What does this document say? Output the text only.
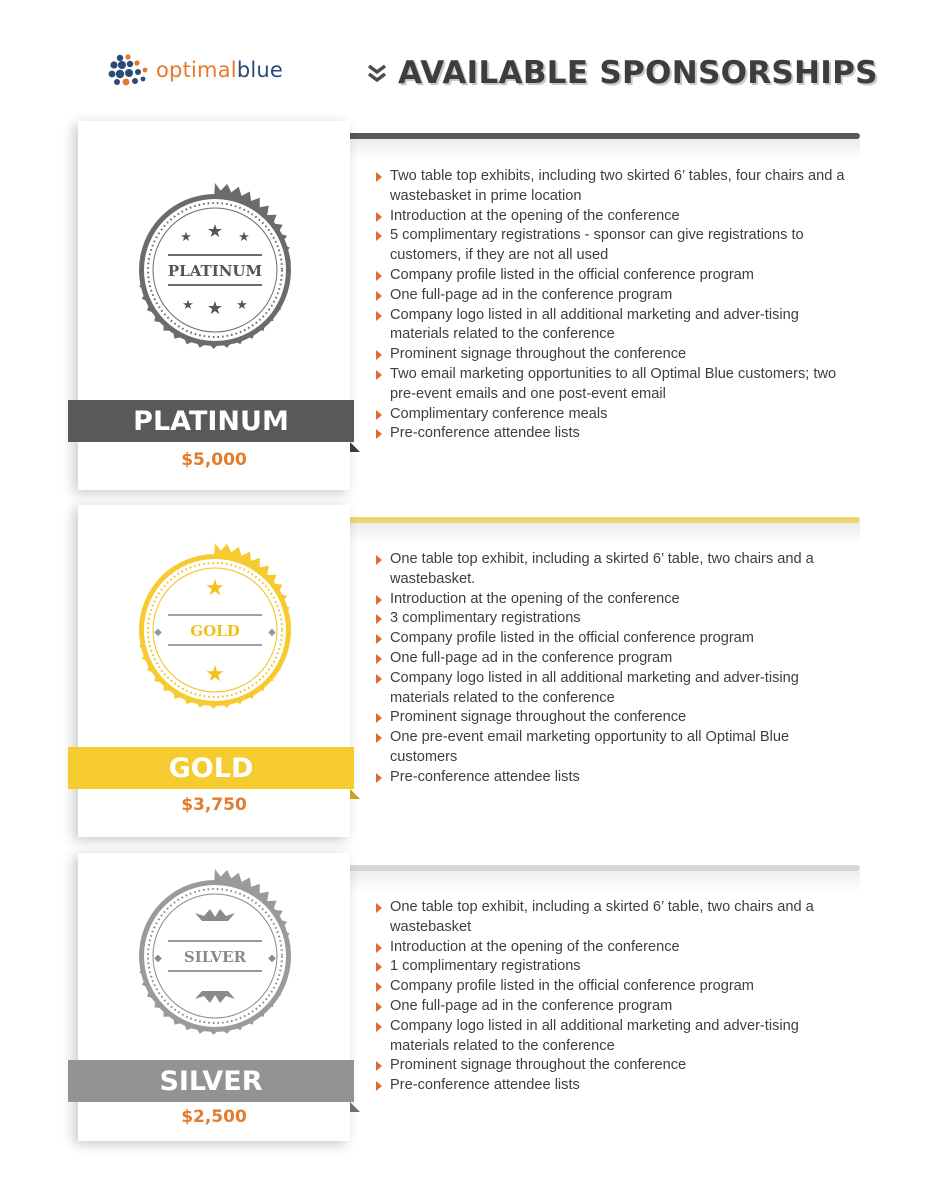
optimalblue	AVAILABLE SPONSORSHIPS
★ ★ ★
PLATINUM
★ ★ ★
PLATINUM
$5,000
Two table top exhibits, including two skirted 6’ tables, four chairs and a wastebasket in prime location
Introduction at the opening of the conference
5 complimentary registrations - sponsor can give registrations to customers, if they are not all used
Company profile listed in the official conference program
One full-page ad in the conference program
Company logo listed in all additional marketing and adver-tising materials related to the conference
Prominent signage throughout the conference
Two email marketing opportunities to all Optimal Blue customers; two pre-event emails and one post-event email
Complimentary conference meals
Pre-conference attendee lists
★
◆	◆
GOLD
★
GOLD
$3,750
One table top exhibit, including a skirted 6’ table, two chairs and a wastebasket.
Introduction at the opening of the conference
3 complimentary registrations
Company profile listed in the official conference program
One full-page ad in the conference program
Company logo listed in all additional marketing and adver-tising materials related to the conference
Prominent signage throughout the conference
One pre-event email marketing opportunity to all Optimal Blue customers
Pre-conference attendee lists
◆	◆
SILVER
SILVER
$2,500
One table top exhibit, including a skirted 6’ table, two chairs and a wastebasket
Introduction at the opening of the conference
1 complimentary registrations
Company profile listed in the official conference program
One full-page ad in the conference program
Company logo listed in all additional marketing and adver-tising materials related to the conference
Prominent signage throughout the conference
Pre-conference attendee lists
